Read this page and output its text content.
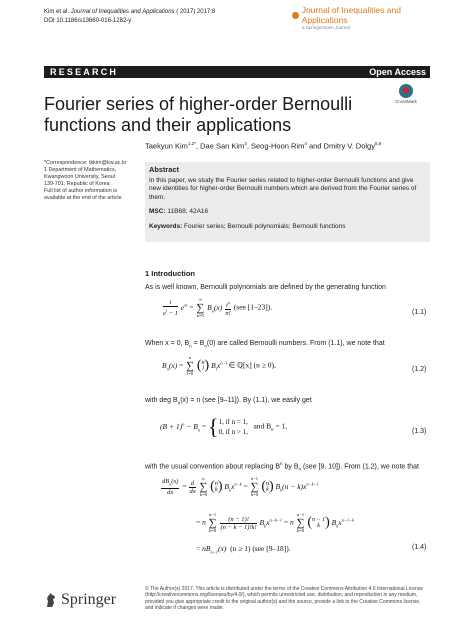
Kim et al. Journal of Inequalities and Applications ( 2017) 2017:8
DOI 10.1186/s13660-016-1282-y
Journal of Inequalities and Applications
a SpringerOpen Journal
RESEARCH	Open Access
Fourier series of higher-order Bernoulli
functions and their applications
CrossMark
Taekyun Kim$^{1,2*}$, Dae San Kim$^3$, Seog-Hoon Rim$^4$ and Dmitry V. Dolgy$^{5,6}$

*Correspondence: tkkim@kw.ac.kr

1 Department of Mathematics,

Kwangwoon University, Seoul

139-701, Republic of Korea

Full list of author information is

available at the end of the article

Abstract
In this paper, we study the Fourier series related to higher-order Bernoulli functions and give new identities for higher-order Bernoulli numbers which are derived from the Fourier series of them.
MSC: 11B68; 42A16
Keywords: Fourier series; Bernoulli polynomials; Bernoulli functions
1 Introduction
As is well known, Bernoulli polynomials are defined by the generating function
$\frac{t}{e^t - 1} e^{xt}$ =
∞
∑
n=0
$B_n(x) \frac{t^n}{n!} (see$ [1–23]).
(1.1)
When x = 0, $B_n = B_n(0)$ are called Bernoulli numbers. From (1.1), we note that
$B_n(x)$ =
n
∑
l=0

( n
l ) $B_lx^{n-l}$ ∈ ℚ[x] (n ≥ 0),	(1.2)
with deg $B_n(x) = n$ (see [9–11]). By (1.1), we easily get
$(B + 1)^n - B_n$ = { 1, if n = 1,
0, if n > 1,
and $B_0 = 1$,
(1.3)
with the usual convention about replacing $B^n$ by $B_n$ (see [9, 10]). From (1.2), we note that
$\frac{dB_n(x)}{dx} = \frac{d}{dx}$

n
∑
k=0

( n
k ) $B_kx^{n-k}$ =
n−1
∑
k=0

( n
k ) $B_k(n - k)x^{n-k-1}$
= n
n−1
∑
k=0
$\frac{(n - 1)!}{(n - k - 1)!k!} B_kx^{n-k-1} = n$
n−1
∑
k=0

( n − 1
k ) $B_kx^{n-1-k}$
= $nB_{n-1}(x) (n \ge 1)$ (see [9–18]).	(1.4)
Springer
© The Author(s) 2017. This article is distributed under the terms of the Creative Commons Attribution 4.0 International License (http://creativecommons.org/licenses/by/4.0/), which permits unrestricted use, distribution, and reproduction in any medium, provided you give appropriate credit to the original author(s) and the source, provide a link to the Creative Commons license, and indicate if changes were made.
